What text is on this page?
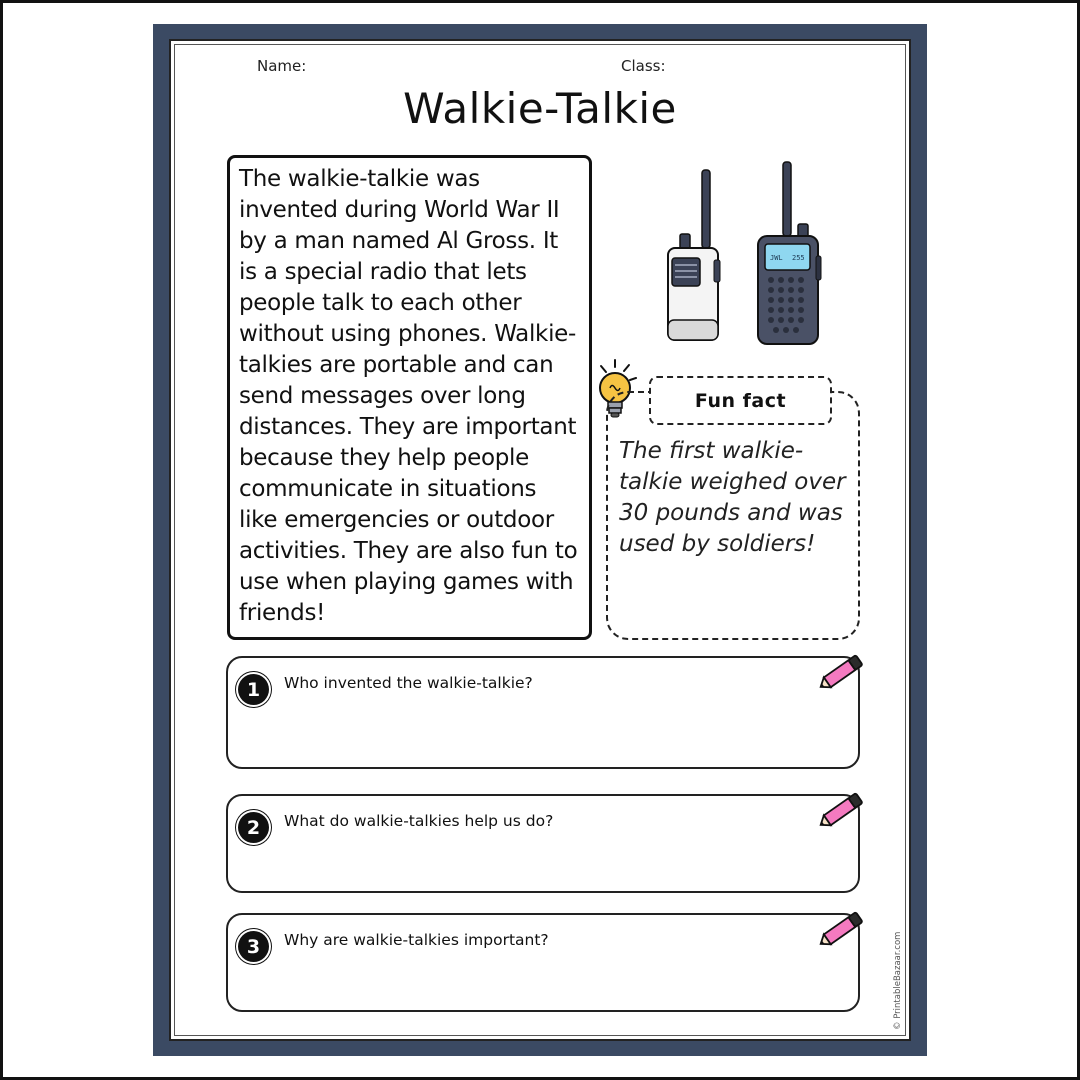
Name:	Class:
Walkie-Talkie

The walkie-talkie was invented during World War II by a man named Al Gross. It is a special radio that lets people talk to each other without using phones. Walkie-talkies are portable and can send messages over long distances. They are important because they help people communicate in situations like emergencies or outdoor activities. They are also fun to use when playing games with friends!

JWL 255
Fun fact

The first walkie-talkie weighed over 30 pounds and was used by soldiers!

1	Who invented the walkie-talkie?
2	What do walkie-talkies help us do?
3	Why are walkie-talkies important?	© PrintableBazaar.com
